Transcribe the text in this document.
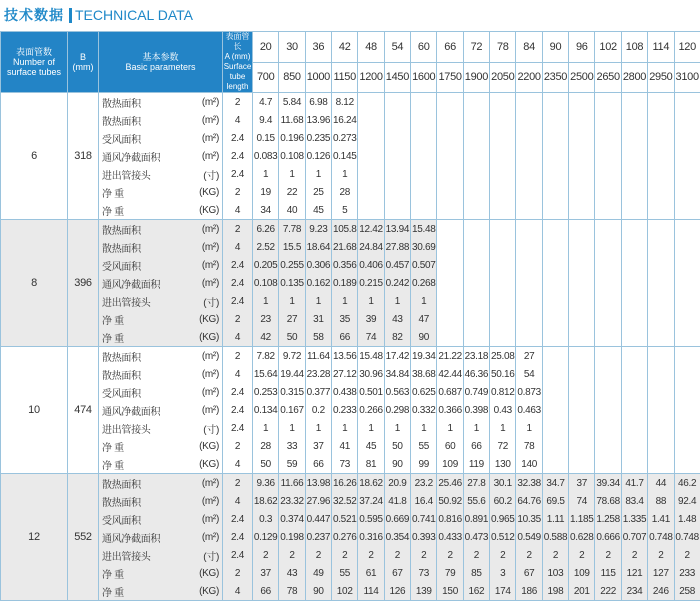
技术数据 TECHNICAL DATA
表面管数
Number of surface tubes	B
(mm)	基本参数
Basic parameters		表面管长
A (mm)
Surface tube length	20	30	36	42	48	54	60	66	72	78	84	90	96	102	108	114	120
					700	850	1000	1150	1200	1450	1600	1750	1900	2050	2200	2350	2500	2650	2800	2950	3100
6	318	散热面积	(m²)	2	4.7	5.84	6.98	8.12													
		散热面积	(m²)	4	9.4	11.68	13.96	16.24													
		受风面积	(m²)	2.4	0.15	0.196	0.235	0.273													
		通风净截面积	(m²)	2.4	0.083	0.108	0.126	0.145													
		进出管接头	(寸)	2.4	1	1	1	1													
		净 重	(KG)	2	19	22	25	28													
		净 重	(KG)	4	34	40	45	5													
8	396	散热面积	(m²)	2	6.26	7.78	9.23	105.8	12.42	13.94	15.48										
		散热面积	(m²)	4	2.52	15.5	18.64	21.68	24.84	27.88	30.69										
		受风面积	(m²)	2.4	0.205	0.255	0.306	0.356	0.406	0.457	0.507										
		通风净截面积	(m²)	2.4	0.108	0.135	0.162	0.189	0.215	0.242	0.268										
		进出管接头	(寸)	2.4	1	1	1	1	1	1	1										
		净 重	(KG)	2	23	27	31	35	39	43	47										
		净 重	(KG)	4	42	50	58	66	74	82	90										
10	474	散热面积	(m²)	2	7.82	9.72	11.64	13.56	15.48	17.42	19.34	21.22	23.18	25.08	27						
		散热面积	(m²)	4	15.64	19.44	23.28	27.12	30.96	34.84	38.68	42.44	46.36	50.16	54						
		受风面积	(m²)	2.4	0.253	0.315	0.377	0.438	0.501	0.563	0.625	0.687	0.749	0.812	0.873						
		通风净截面积	(m²)	2.4	0.134	0.167	0.2	0.233	0.266	0.298	0.332	0.366	0.398	0.43	0.463						
		进出管接头	(寸)	2.4	1	1	1	1	1	1	1	1	1	1	1						
		净 重	(KG)	2	28	33	37	41	45	50	55	60	66	72	78						
		净 重	(KG)	4	50	59	66	73	81	90	99	109	119	130	140						
12	552	散热面积	(m²)	2	9.36	11.66	13.98	16.26	18.62	20.9	23.2	25.46	27.8	30.1	32.38	34.7	37	39.34	41.7	44	46.2
		散热面积	(m²)	4	18.62	23.32	27.96	32.52	37.24	41.8	16.4	50.92	55.6	60.2	64.76	69.5	74	78.68	83.4	88	92.4
		受风面积	(m²)	2.4	0.3	0.374	0.447	0.521	0.595	0.669	0.741	0.816	0.891	0.965	10.35	1.11	1.185	1.258	1.335	1.41	1.48
		通风净截面积	(m²)	2.4	0.129	0.198	0.237	0.276	0.316	0.354	0.393	0.433	0.473	0.512	0.549	0.588	0.628	0.666	0.707	0.748	0.748
		进出管接头	(寸)	2.4	2	2	2	2	2	2	2	2	2	2	2	2	2	2	2	2	2
		净 重	(KG)	2	37	43	49	55	61	67	73	79	85	3	67	103	109	115	121	127	233
		净 重	(KG)	4	66	78	90	102	114	126	139	150	162	174	186	198	201	222	234	246	258
